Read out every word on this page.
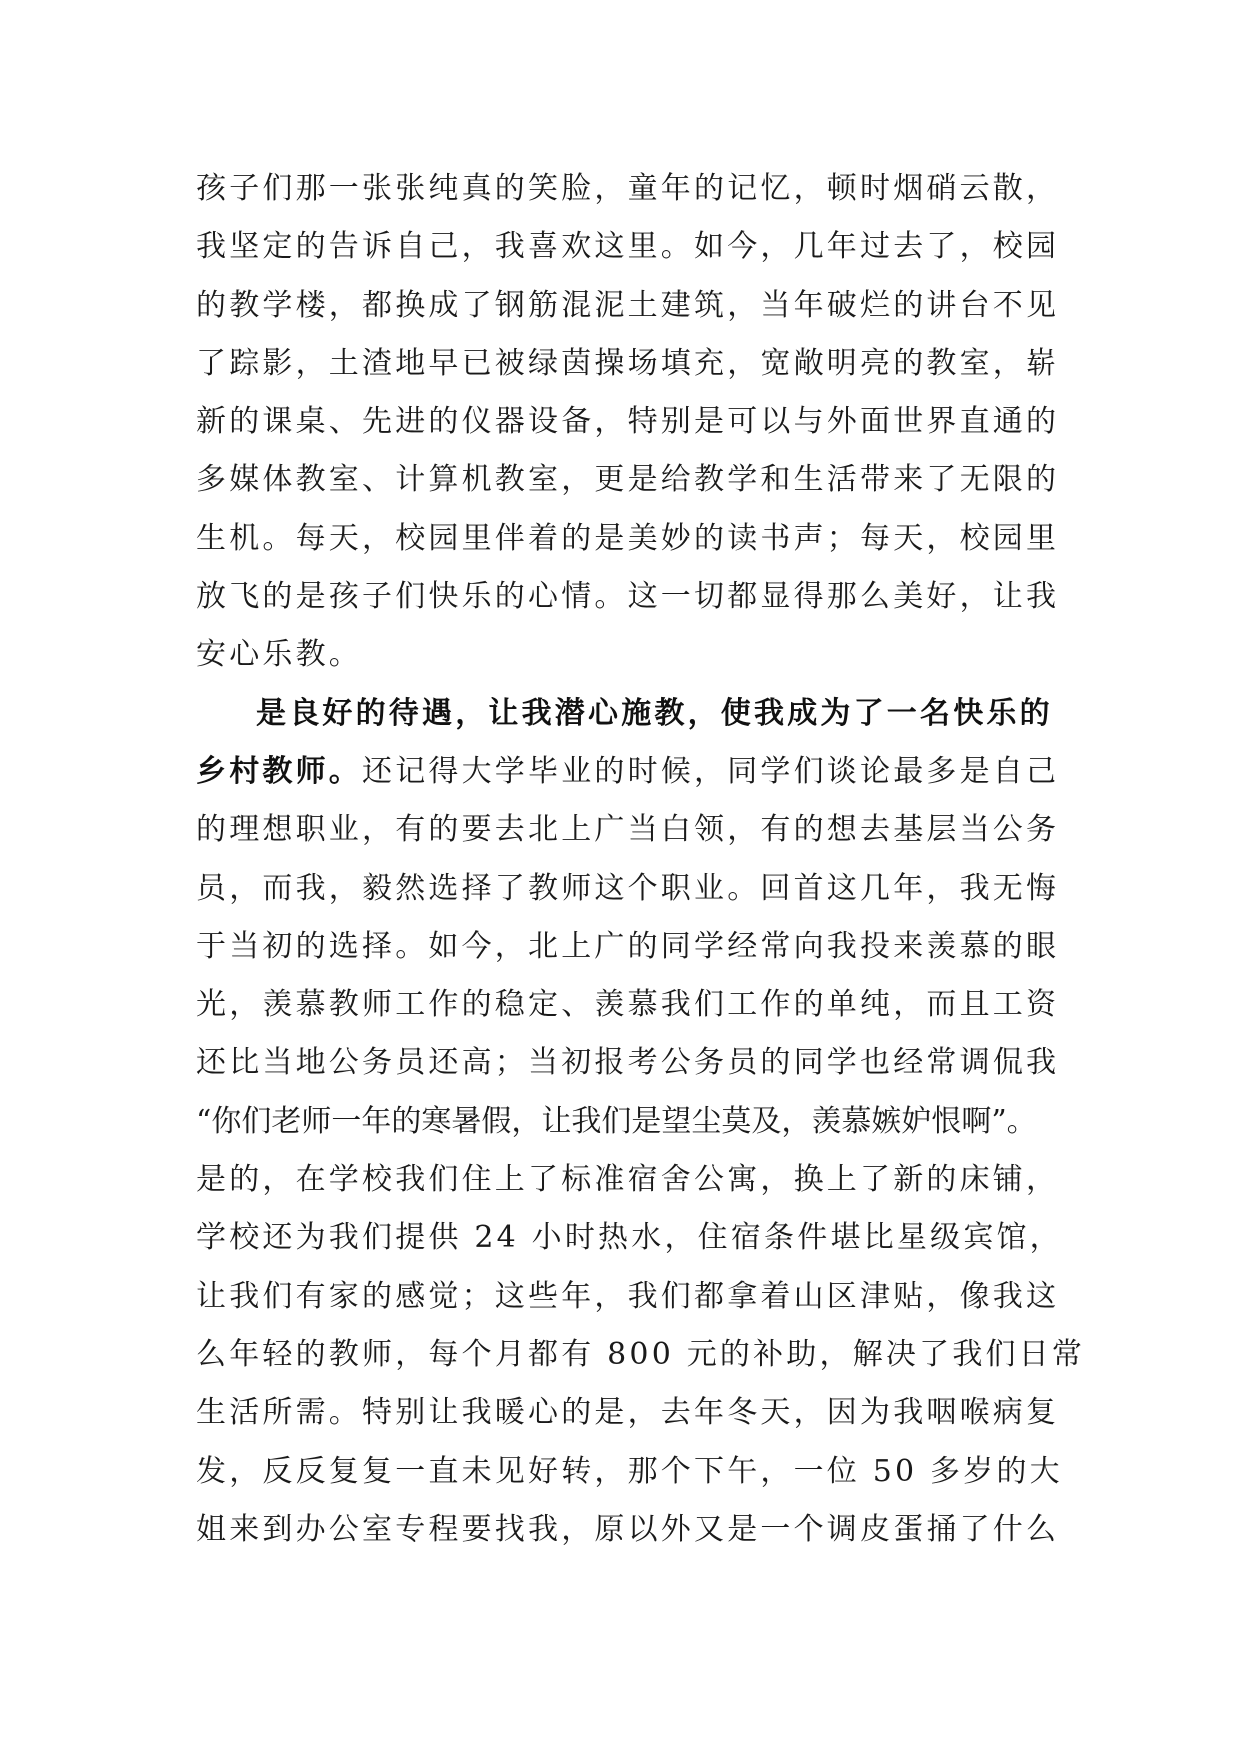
孩子们那一张张纯真的笑脸，童年的记忆，顿时烟硝云散，
我坚定的告诉自己，我喜欢这里。如今，几年过去了，校园
的教学楼，都换成了钢筋混泥土建筑，当年破烂的讲台不见
了踪影，土渣地早已被绿茵操场填充，宽敞明亮的教室，崭
新的课桌、先进的仪器设备，特别是可以与外面世界直通的
多媒体教室、计算机教室，更是给教学和生活带来了无限的
生机。每天，校园里伴着的是美妙的读书声；每天，校园里
放飞的是孩子们快乐的心情。这一切都显得那么美好，让我
安心乐教。
是良好的待遇，让我潜心施教，使我成为了一名快乐的
乡村教师。还记得大学毕业的时候，同学们谈论最多是自己
的理想职业，有的要去北上广当白领，有的想去基层当公务
员，而我，毅然选择了教师这个职业。回首这几年，我无悔
于当初的选择。如今，北上广的同学经常向我投来羡慕的眼
光，羡慕教师工作的稳定、羡慕我们工作的单纯，而且工资
还比当地公务员还高；当初报考公务员的同学也经常调侃我
“你们老师一年的寒暑假，让我们是望尘莫及，羡慕嫉妒恨啊”。
是的，在学校我们住上了标准宿舍公寓，换上了新的床铺，
学校还为我们提供 24 小时热水，住宿条件堪比星级宾馆，
让我们有家的感觉；这些年，我们都拿着山区津贴，像我这
么年轻的教师，每个月都有 800 元的补助，解决了我们日常
生活所需。特别让我暖心的是，去年冬天，因为我咽喉病复
发，反反复复一直未见好转，那个下午，一位 50 多岁的大
姐来到办公室专程要找我，原以外又是一个调皮蛋捅了什么
